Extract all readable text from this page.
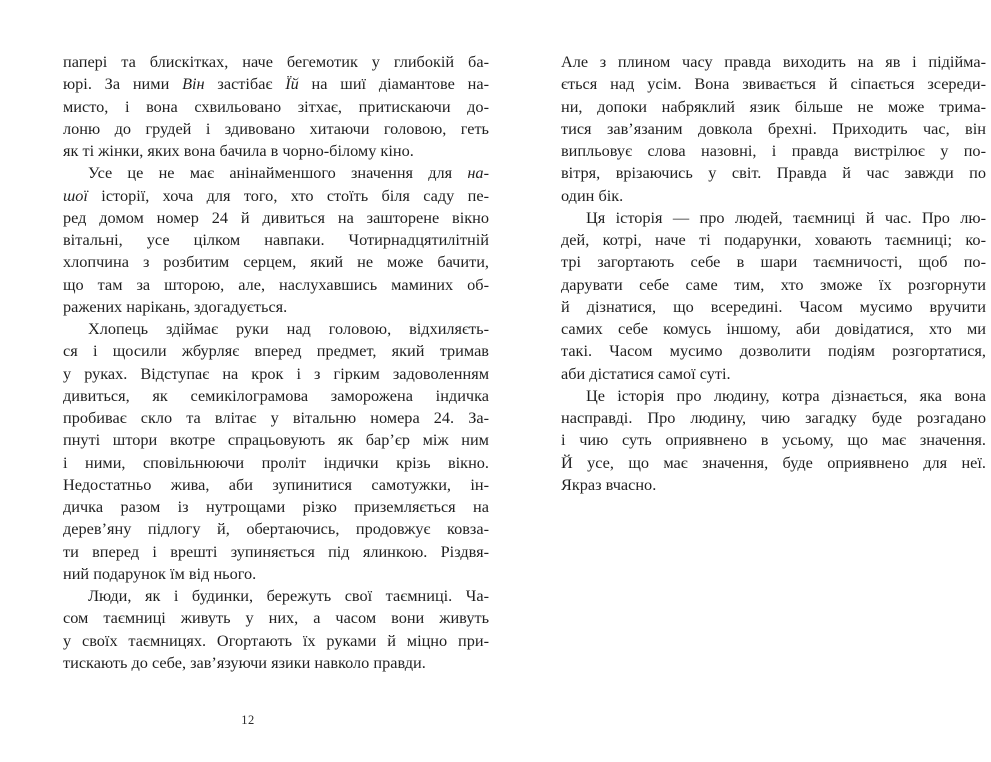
папері та блискітках, наче бегемотик у глибокій ба-
юрі. За ними Він застібає Їй на шиї діамантове на-
мисто, і вона схвильовано зітхає, притискаючи до-
лоню до грудей і здивовано хитаючи головою, геть
як ті жінки, яких вона бачила в чорно-білому кіно.
Усе це не має анінайменшого значення для на-
шої історії, хоча для того, хто стоїть біля саду пе-
ред домом номер 24 й дивиться на зашторене вікно
вітальні, усе цілком навпаки. Чотирнадцятилітній
хлопчина з розбитим серцем, який не може бачити,
що там за шторою, але, наслухавшись маминих об-
ражених нарікань, здогадується.
Хлопець здіймає руки над головою, відхиляєть-
ся і щосили жбурляє вперед предмет, який тримав
у руках. Відступає на крок і з гірким задоволенням
дивиться, як семикілограмова заморожена індичка
пробиває скло та влітає у вітальню номера 24. За-
пнуті штори вкотре спрацьовують як бар’єр між ним
і ними, сповільнюючи проліт індички крізь вікно.
Недостатньо жива, аби зупинитися самотужки, ін-
дичка разом із нутрощами різко приземляється на
дерев’яну підлогу й, обертаючись, продовжує ковза-
ти вперед і врешті зупиняється під ялинкою. Різдвя-
ний подарунок їм від нього.
Люди, як і будинки, бережуть свої таємниці. Ча-
сом таємниці живуть у них, а часом вони живуть
у своїх таємницях. Огортають їх руками й міцно при-
тискають до себе, зав’язуючи язики навколо правди.
Але з плином часу правда виходить на яв і підійма-
ється над усім. Вона звивається й сіпається зсереди-
ни, допоки набряклий язик більше не може трима-
тися зав’язаним довкола брехні. Приходить час, він
випльовує слова назовні, і правда вистрілює у по-
вітря, врізаючись у світ. Правда й час завжди по
один бік.
Ця історія — про людей, таємниці й час. Про лю-
дей, котрі, наче ті подарунки, ховають таємниці; ко-
трі загортають себе в шари таємничості, щоб по-
дарувати себе саме тим, хто зможе їх розгорнути
й дізнатися, що всередині. Часом мусимо вручити
самих себе комусь іншому, аби довідатися, хто ми
такі. Часом мусимо дозволити подіям розгортатися,
аби дістатися самої суті.
Це історія про людину, котра дізнається, яка вона
насправді. Про людину, чию загадку буде розгадано
і чию суть оприявнено в усьому, що має значення.
Й усе, що має значення, буде оприявнено для неї.
Якраз вчасно.
12
